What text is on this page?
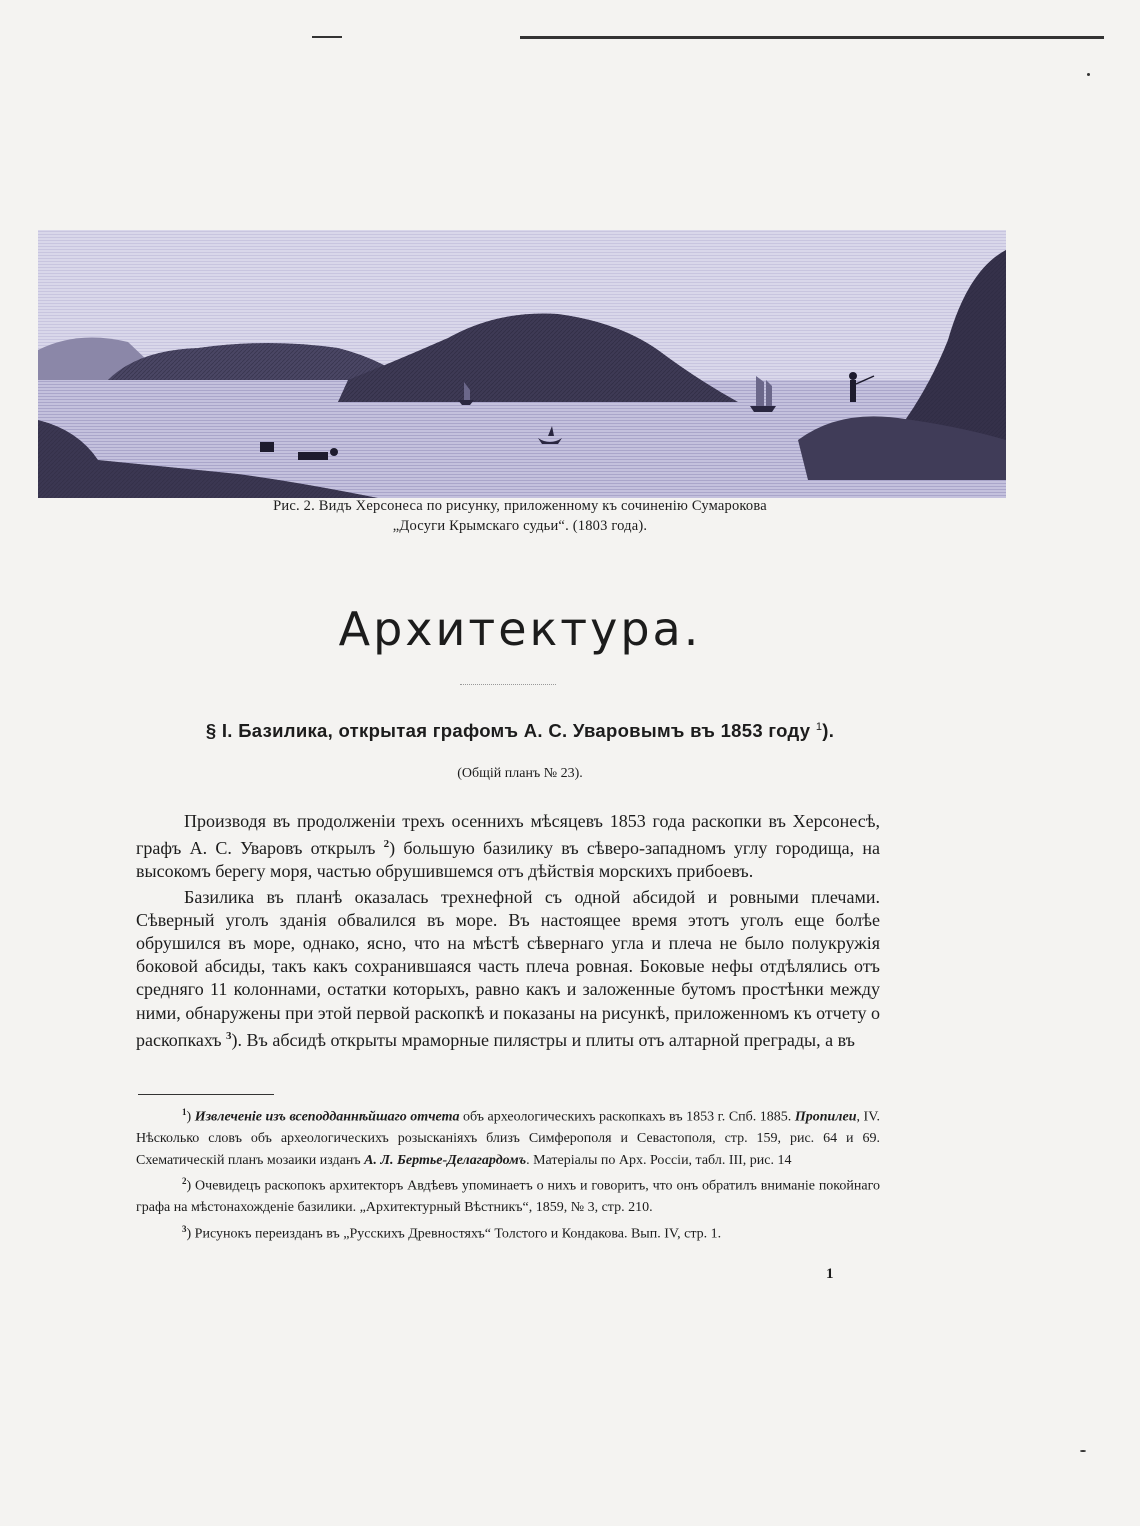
Рис. 2. Видъ Херсонеса по рисунку, приложенному къ сочиненію Сумарокова
„Досуги Крымскаго судьи“. (1803 года).
Архитектура.
§ I. Базилика, открытая графомъ А. С. Уваровымъ въ 1853 году $^1$).
(Общій планъ № 23).

Производя въ продолженіи трехъ осеннихъ мѣсяцевъ 1853 года раскопки въ Херсонесѣ, графъ А. С. Уваровъ открылъ $^2$) большую базилику въ сѣверо-западномъ углу городища, на высокомъ берегу моря, частью обрушившемся отъ дѣйствія морскихъ прибоевъ.

Базилика въ планѣ оказалась трехнефной съ одной абсидой и ровными плечами. Сѣверный уголъ зданія обвалился въ море. Въ настоящее время этотъ уголъ еще болѣе обрушился въ море, однако, ясно, что на мѣстѣ сѣвернаго угла и плеча не было полукружія боковой абсиды, такъ какъ сохранившаяся часть плеча ровная. Боковые нефы отдѣлялись отъ средняго 11 колоннами, остатки которыхъ, равно какъ и заложенные бутомъ простѣнки между ними, обнаружены при этой первой раскопкѣ и показаны на рисункѣ, приложенномъ къ отчету о раскопкахъ $^3$). Въ абсидѣ открыты мраморные пилястры и плиты отъ алтарной преграды, а въ

$^1$) Извлеченіе изъ всеподданнѣйшаго отчета объ археологическихъ раскопкахъ въ 1853 г. Спб. 1885. Пропилеи, IV. Нѣсколько словъ объ археологическихъ розысканіяхъ близъ Симферополя и Севастополя, стр. 159, рис. 64 и 69. Схематическій планъ мозаики изданъ А. Л. Бертье-Делагардомъ. Матеріалы по Арх. Россіи, табл. III, рис. 14

$^2$) Очевидецъ раскопокъ архитекторъ Авдѣевъ упоминаетъ о нихъ и говоритъ, что онъ обратилъ вниманіе покойнаго графа на мѣстонахожденіе базилики. „Архитектурный Вѣстникъ“, 1859, № 3, стр. 210.

$^3$) Рисунокъ переизданъ въ „Русскихъ Древностяхъ“ Толстого и Кондакова. Вып. IV, стр. 1.

1
